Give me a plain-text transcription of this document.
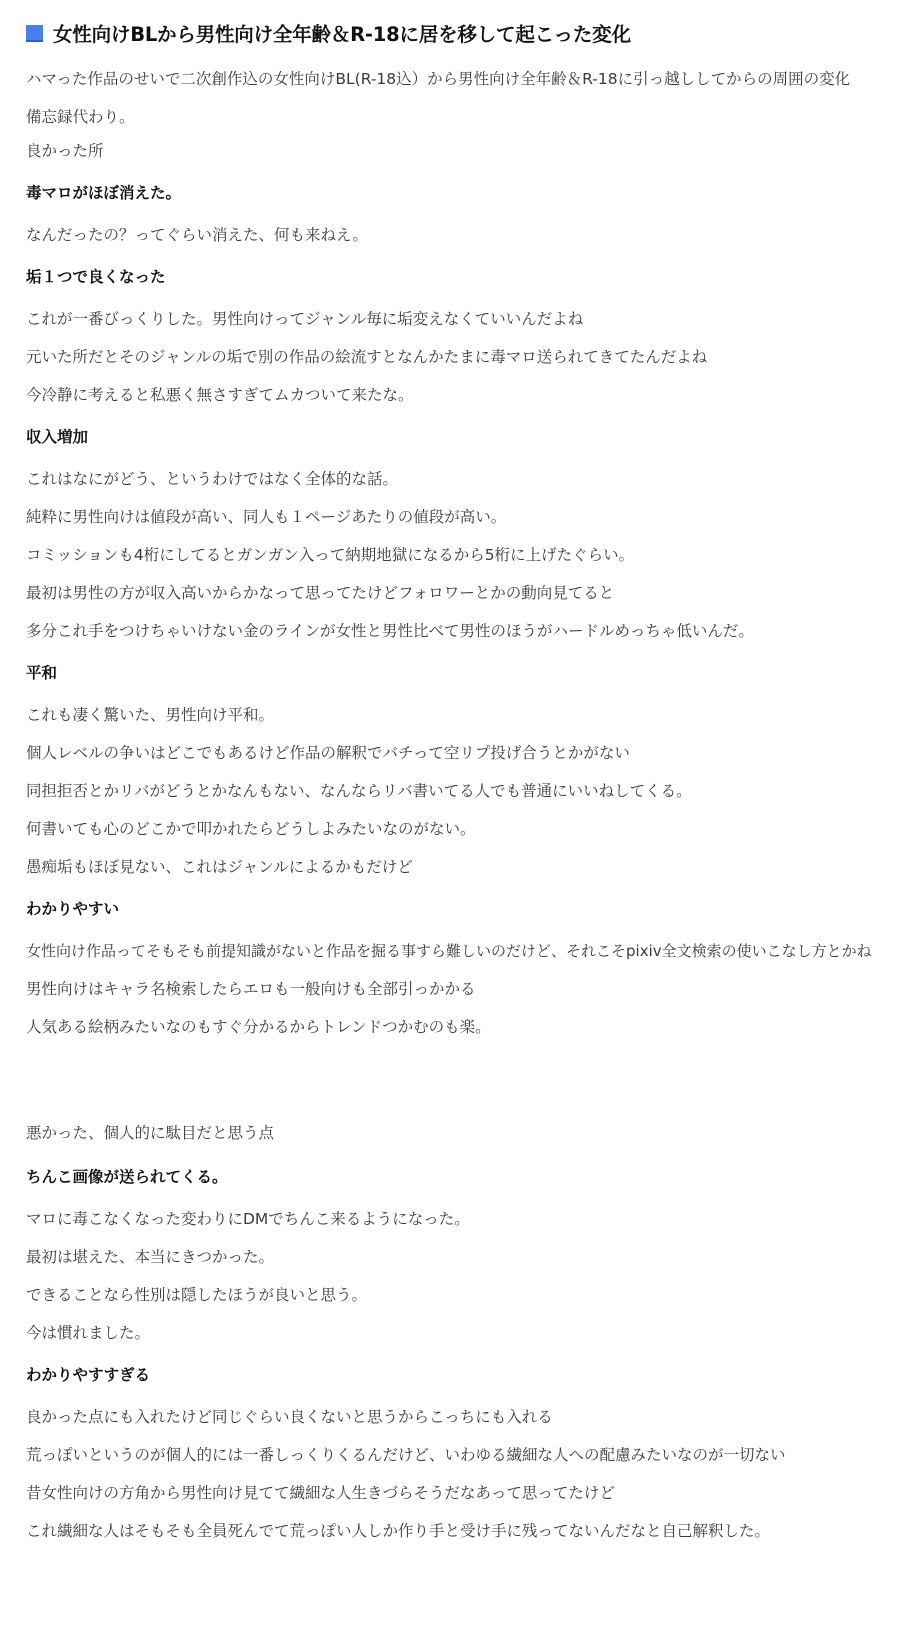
女性向けBLから男性向け全年齢＆R-18に居を移して起こった変化
ハマった作品のせいで二次創作込の女性向けBL(R-18込）から男性向け全年齢＆R-18に引っ越ししてからの周囲の変化
備忘録代わり。
良かった所
毒マロがほぼ消えた。
なんだったの？ってぐらい消えた、何も来ねえ。
垢１つで良くなった
これが一番びっくりした。男性向けってジャンル毎に垢変えなくていいんだよね
元いた所だとそのジャンルの垢で別の作品の絵流すとなんかたまに毒マロ送られてきてたんだよね
今冷静に考えると私悪く無さすぎてムカついて来たな。
収入増加
これはなにがどう、というわけではなく全体的な話。
純粋に男性向けは値段が高い、同人も１ページあたりの値段が高い。
コミッションも4桁にしてるとガンガン入って納期地獄になるから5桁に上げたぐらい。
最初は男性の方が収入高いからかなって思ってたけどフォロワーとかの動向見てると
多分これ手をつけちゃいけない金のラインが女性と男性比べて男性のほうがハードルめっちゃ低いんだ。
平和
これも凄く驚いた、男性向け平和。
個人レベルの争いはどこでもあるけど作品の解釈でバチって空リプ投げ合うとかがない
同担拒否とかリバがどうとかなんもない、なんならリバ書いてる人でも普通にいいねしてくる。
何書いても心のどこかで叩かれたらどうしよみたいなのがない。
愚痴垢もほぼ見ない、これはジャンルによるかもだけど
わかりやすい
女性向け作品ってそもそも前提知識がないと作品を掘る事すら難しいのだけど、それこそpixiv全文検索の使いこなし方とかね
男性向けはキャラ名検索したらエロも一般向けも全部引っかかる
人気ある絵柄みたいなのもすぐ分かるからトレンドつかむのも楽。
悪かった、個人的に駄目だと思う点
ちんこ画像が送られてくる。
マロに毒こなくなった変わりにDMでちんこ来るようになった。
最初は堪えた、本当にきつかった。
できることなら性別は隠したほうが良いと思う。
今は慣れました。
わかりやすすぎる
良かった点にも入れたけど同じぐらい良くないと思うからこっちにも入れる
荒っぽいというのが個人的には一番しっくりくるんだけど、いわゆる繊細な人への配慮みたいなのが一切ない
昔女性向けの方角から男性向け見てて繊細な人生きづらそうだなあって思ってたけど
これ繊細な人はそもそも全員死んでて荒っぽい人しか作り手と受け手に残ってないんだなと自己解釈した。
